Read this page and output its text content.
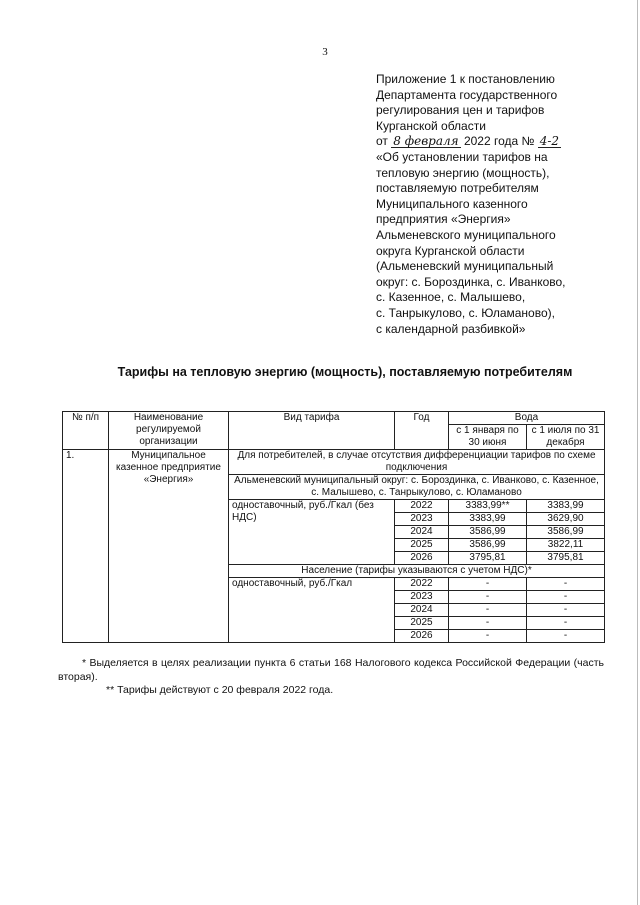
3
Приложение 1 к постановлению
Департамента государственного
регулирования цен и тарифов
Курганской области
от 8 февраля 2022 года № 4-2
«Об установлении тарифов на
тепловую энергию (мощность),
поставляемую потребителям
Муниципального казенного
предприятия «Энергия»
Альменевского муниципального
округа Курганской области
(Альменевский муниципальный
округ: с. Бороздинка, с. Иванково,
с. Казенное, с. Малышево,
с. Танрыкулово, с. Юламаново),
с календарной разбивкой»
Тарифы на тепловую энергию (мощность), поставляемую потребителям
№ п/п	Наименование регулируемой организации	Вид тарифа	Год	Вода	
				с 1 января по 30 июня	с 1 июля по 31 декабря
1.	Муниципальное казенное предприятие «Энергия»	Для потребителей, в случае отсутствия дифференциации тарифов по схеме подключения			
		Альменевский муниципальный округ: с. Бороздинка, с. Иванково, с. Казенное, с. Малышево, с. Танрыкулово, с. Юламаново			
		одноставочный, руб./Гкал (без НДС)	2022	3383,99**	3383,99
			2023	3383,99	3629,90
			2024	3586,99	3586,99
			2025	3586,99	3822,11
			2026	3795,81	3795,81
		Население (тарифы указываются с учетом НДС)*			
		одноставочный, руб./Гкал	2022	-	-
			2023	-	-
			2024	-	-
			2025	-	-
			2026	-	-

* Выделяется в целях реализации пункта 6 статьи 168 Налогового кодекса Российской Федерации (часть вторая).

** Тарифы действуют с 20 февраля 2022 года.
